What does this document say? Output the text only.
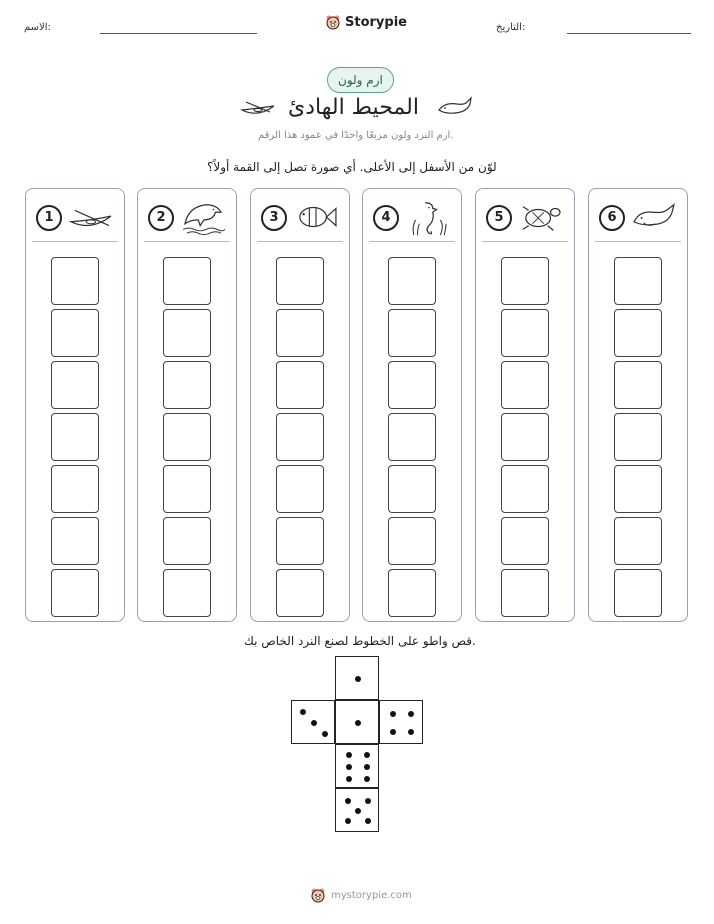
الاسم:	Storypie	التاريخ:
ارم ولون
المحيط الهادئ
ارم النرد ولون مربعًا واحدًا في عمود هذا الرقم.
لوّن من الأسفل إلى الأعلى. أي صورة تصل إلى القمة أولاً؟
1	2	3	4	5	6
قص واطو على الخطوط لصنع النرد الخاص بك.
mystorypie.com
